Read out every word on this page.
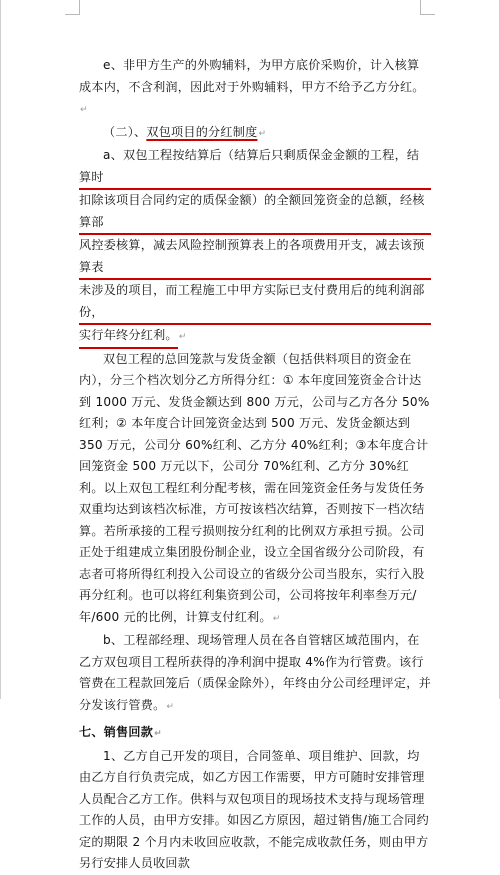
e、非甲方生产的外购辅料，为甲方底价采购价，计入核算成本内，不含利润，因此对于外购辅料，甲方不给予乙方分红。↵

（二）、双包项目的分红制度↵

a、双包工程按结算后（结算后只剩质保金金额的工程，结算时
扣除该项目合同约定的质保金额）的全额回笼资金的总额，经核算部
风控委核算，减去风险控制预算表上的各项费用开支，减去该预算表
未涉及的项目，而工程施工中甲方实际已支付费用后的纯利润部份，
实行年终分红利。↵

双包工程的总回笼款与发货金额（包括供料项目的资金在内），分三个档次划分乙方所得分红：① 本年度回笼资金合计达到 1000 万元、发货金额达到 800 万元，公司与乙方各分 50%红利；② 本年度合计回笼资金达到 500 万元、发货金额达到 350 万元，公司分 60%红利、乙方分 40%红利；③本年度合计回笼资金 500 万元以下，公司分 70%红利、乙方分 30%红利。以上双包工程红利分配考核，需在回笼资金任务与发货任务双重均达到该档次标准，方可按该档次结算，否则按下一档次结算。若所承接的工程亏损则按分红利的比例双方承担亏损。公司正处于组建成立集团股份制企业，设立全国省级分公司阶段，有志者可将所得红利投入公司设立的省级分公司当股东，实行入股再分红利。也可以将红利集资到公司，公司将按年利率叁万元/年/600 元的比例，计算支付红利。↵

b、工程部经理、现场管理人员在各自管辖区域范围内，在乙方双包项目工程所获得的净利润中提取 4%作为行管费。该行管费在工程款回笼后（质保金除外），年终由分公司经理评定，并分发该行管费。↵

七、销售回款↵

1、乙方自己开发的项目，合同签单、项目维护、回款，均由乙方自行负责完成，如乙方因工作需要，甲方可随时安排管理人员配合乙方工作。供料与双包项目的现场技术支持与现场管理工作的人员，由甲方安排。如因乙方原因，超过销售/施工合同约定的期限 2 个月内未收回应收款，不能完成收款任务，则由甲方另行安排人员收回款
